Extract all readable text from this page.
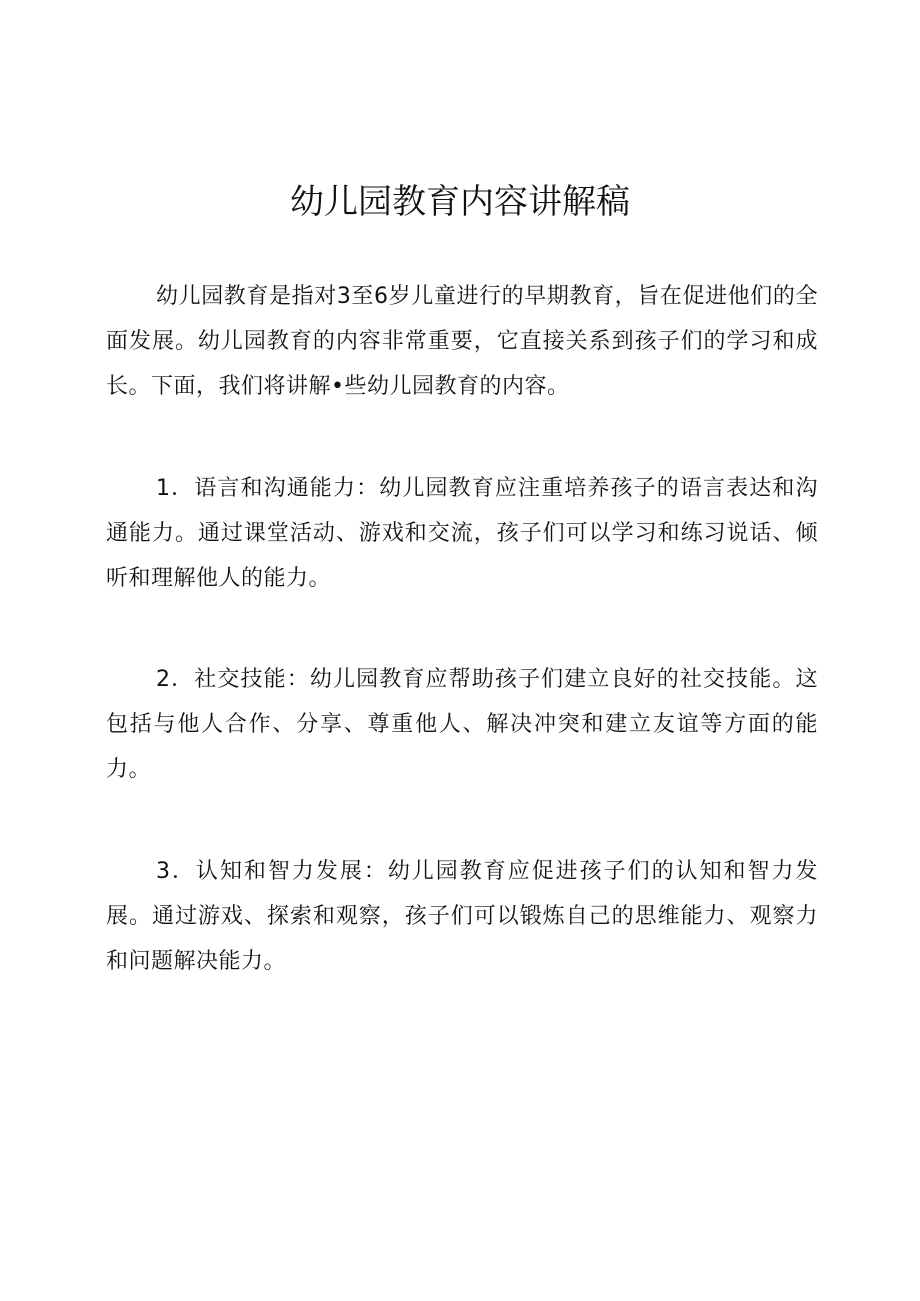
幼儿园教育内容讲解稿

幼儿园教育是指对3至6岁儿童进行的早期教育，旨在促进他们的全面发展。幼儿园教育的内容非常重要，它直接关系到孩子们的学习和成长。下面，我们将讲解•些幼儿园教育的内容。

1．语言和沟通能力：幼儿园教育应注重培养孩子的语言表达和沟通能力。通过课堂活动、游戏和交流，孩子们可以学习和练习说话、倾听和理解他人的能力。

2．社交技能：幼儿园教育应帮助孩子们建立良好的社交技能。这包括与他人合作、分享、尊重他人、解决冲突和建立友谊等方面的能力。

3．认知和智力发展：幼儿园教育应促进孩子们的认知和智力发展。通过游戏、探索和观察，孩子们可以锻炼自己的思维能力、观察力和问题解决能力。
